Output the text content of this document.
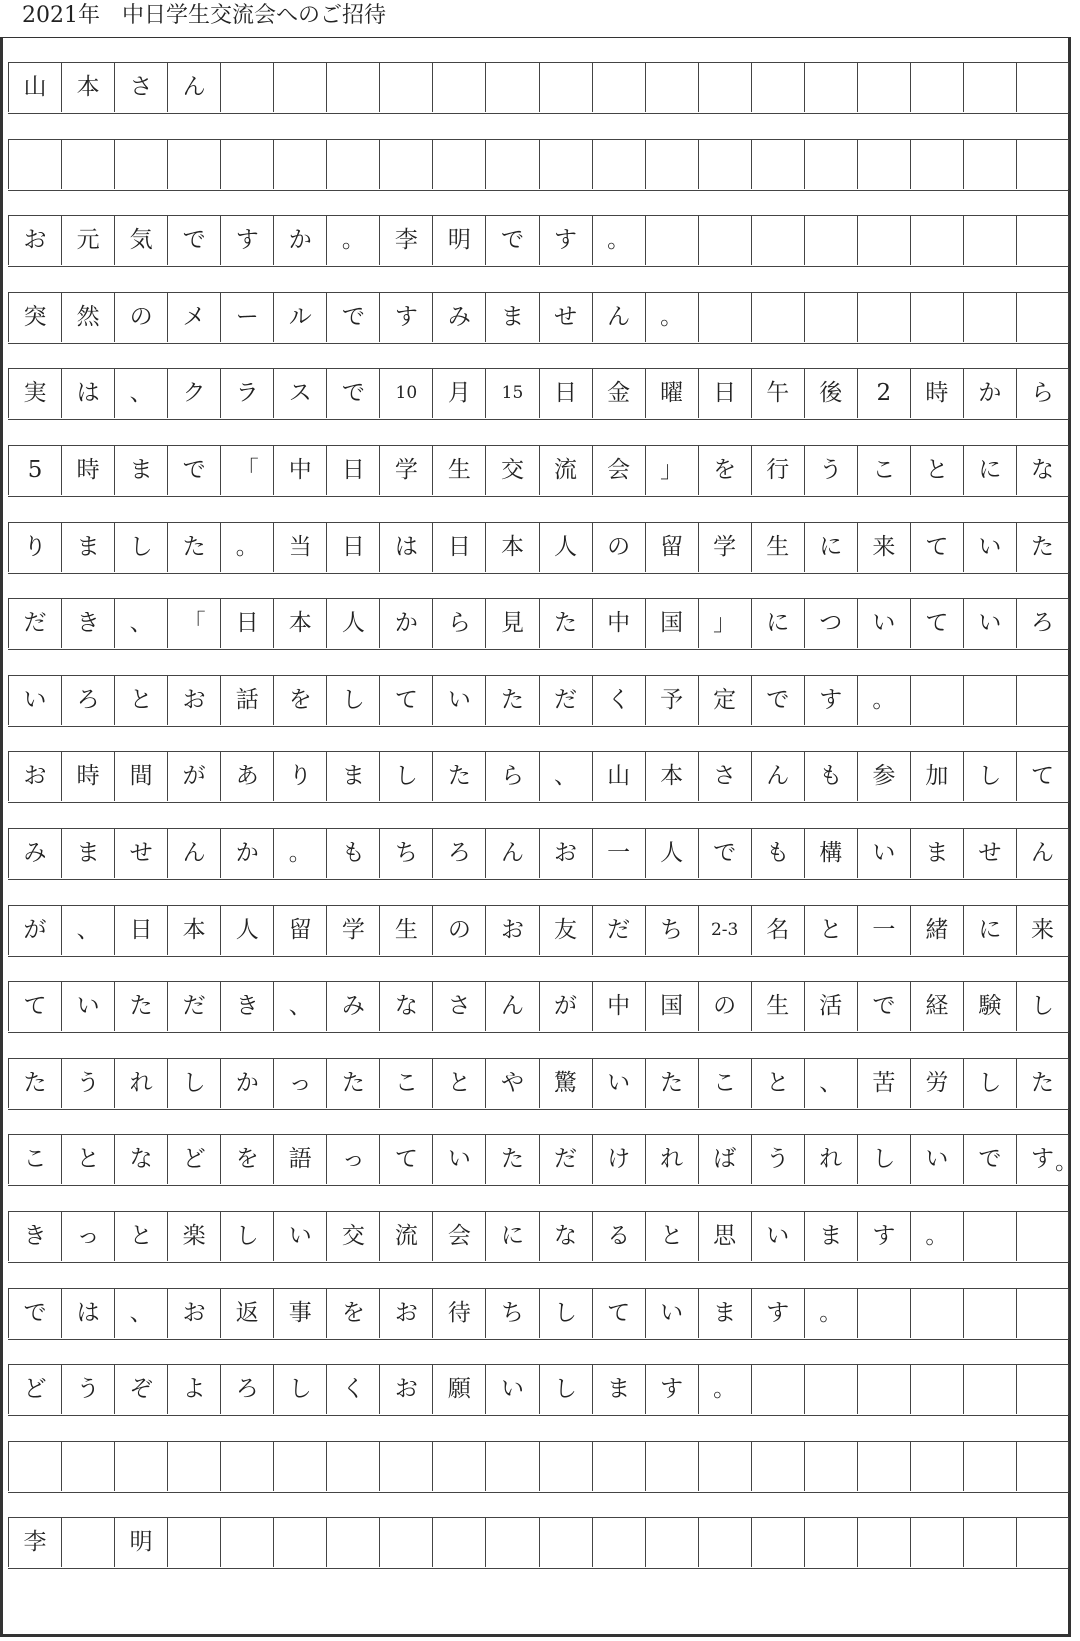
2021年　中日学生交流会へのご招待
山	本	さ	ん
お	元	気	で	す	か	。	李	明	で	す	。
突	然	の	メ	ー	ル	で	す	み	ま	せ	ん	。
実	は	、	ク	ラ	ス	で	10	月	15	日	金	曜	日	午	後	2	時	か	ら
5	時	ま	で	「	中	日	学	生	交	流	会	」	を	行	う	こ	と	に	な
り	ま	し	た	。	当	日	は	日	本	人	の	留	学	生	に	来	て	い	た
だ	き	、	「	日	本	人	か	ら	見	た	中	国	」	に	つ	い	て	い	ろ
い	ろ	と	お	話	を	し	て	い	た	だ	く	予	定	で	す	。
お	時	間	が	あ	り	ま	し	た	ら	、	山	本	さ	ん	も	参	加	し	て
み	ま	せ	ん	か	。	も	ち	ろ	ん	お	一	人	で	も	構	い	ま	せ	ん
が	、	日	本	人	留	学	生	の	お	友	だ	ち	2-3	名	と	一	緒	に	来
て	い	た	だ	き	、	み	な	さ	ん	が	中	国	の	生	活	で	経	験	し
た	う	れ	し	か	っ	た	こ	と	や	驚	い	た	こ	と	、	苦	労	し	た
こ	と	な	ど	を	語	っ	て	い	た	だ	け	れ	ば	う	れ	し	い	で	す 。
き	っ	と	楽	し	い	交	流	会	に	な	る	と	思	い	ま	す	。
で	は	、	お	返	事	を	お	待	ち	し	て	い	ま	す	。
ど	う	ぞ	よ	ろ	し	く	お	願	い	し	ま	す	。
李	明
